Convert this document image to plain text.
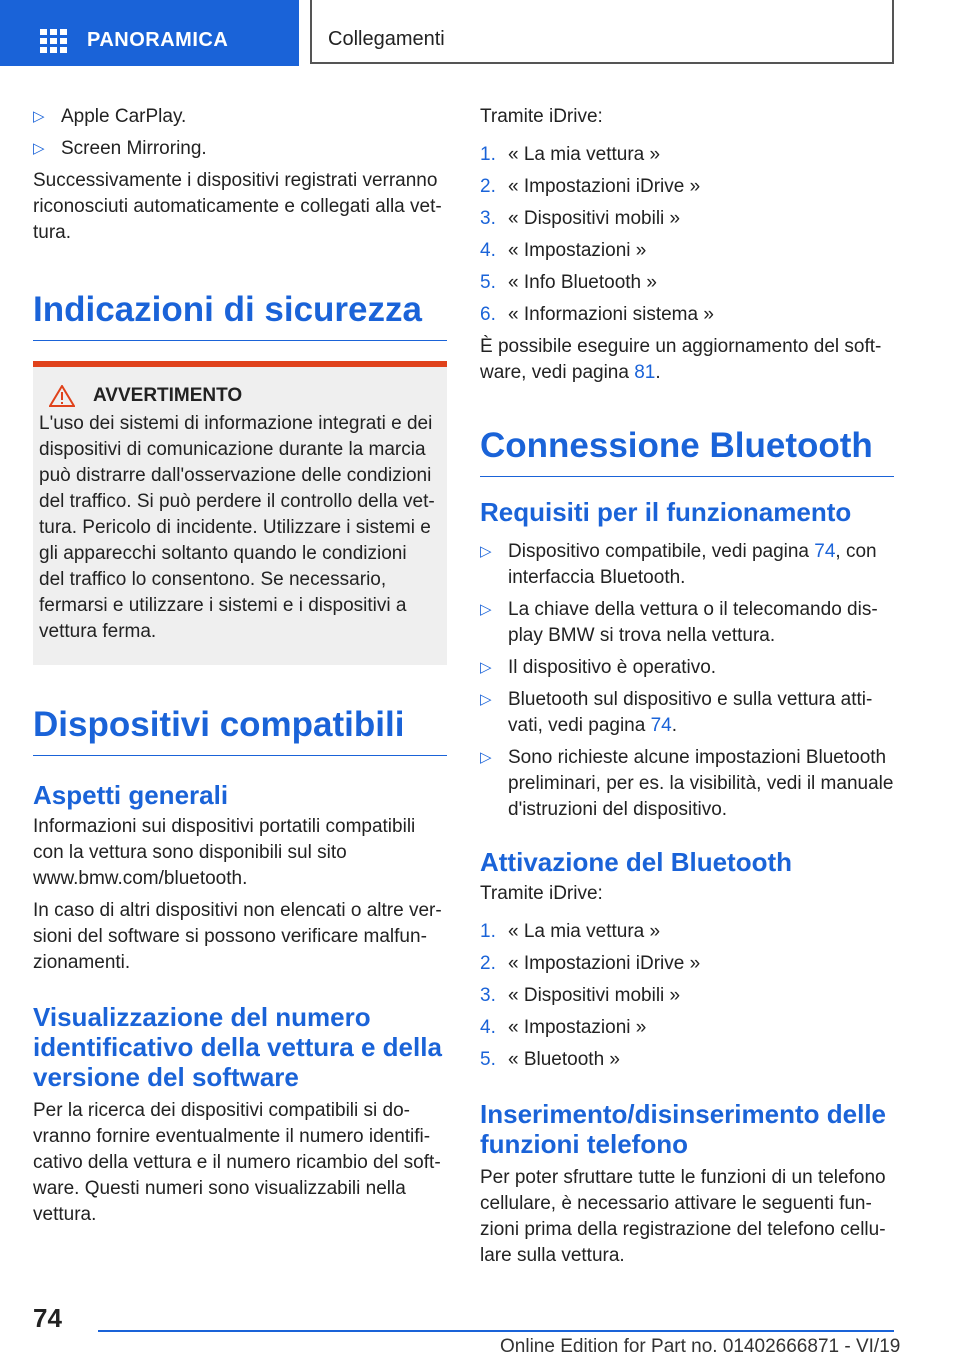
PANORAMICA	Collegamenti
▷ Apple CarPlay.
▷ Screen Mirroring.

Successivamente i dispositivi registrati verranno riconosciuti automaticamente e collegati alla vettura.

Indicazioni di sicurezza
AVVERTIMENTO

L'uso dei sistemi di informazione integrati e dei dispositivi di comunicazione durante la marcia può distrarre dall'osservazione delle condizioni del traffico. Si può perdere il controllo della vettura. Pericolo di incidente. Utilizzare i sistemi e gli apparecchi soltanto quando le condizioni del traffico lo consentono. Se necessario, fermarsi e utilizzare i sistemi e i dispositivi a vettura ferma.

Dispositivi compatibili
Aspetti generali

Informazioni sui dispositivi portatili compatibili con la vettura sono disponibili sul sito www.bmw.com/bluetooth.

In caso di altri dispositivi non elencati o altre versioni del software si possono verificare malfunzionamenti.

Visualizzazione del numero identificativo della vettura e della versione del software

Per la ricerca dei dispositivi compatibili si dovranno fornire eventualmente il numero identificativo della vettura e il numero ricambio del software. Questi numeri sono visualizzabili nella vettura.

Tramite iDrive:

1. « La mia vettura »
2. « Impostazioni iDrive »
3. « Dispositivi mobili »
4. « Impostazioni »
5. « Info Bluetooth »
6. « Informazioni sistema »

È possibile eseguire un aggiornamento del software, vedi pagina 81.

Connessione Bluetooth
Requisiti per il funzionamento
▷ Dispositivo compatibile, vedi pagina 74, con interfaccia Bluetooth.
▷ La chiave della vettura o il telecomando display BMW si trova nella vettura.
▷ Il dispositivo è operativo.
▷ Bluetooth sul dispositivo e sulla vettura attivati, vedi pagina 74.
▷ Sono richieste alcune impostazioni Bluetooth preliminari, per es. la visibilità, vedi il manuale d'istruzioni del dispositivo.
Attivazione del Bluetooth

Tramite iDrive:

1. « La mia vettura »
2. « Impostazioni iDrive »
3. « Dispositivi mobili »
4. « Impostazioni »
5. « Bluetooth »
Inserimento/disinserimento delle funzioni telefono

Per poter sfruttare tutte le funzioni di un telefono cellulare, è necessario attivare le seguenti funzioni prima della registrazione del telefono cellulare sulla vettura.

74
Online Edition for Part no. 01402666871 - VI/19
